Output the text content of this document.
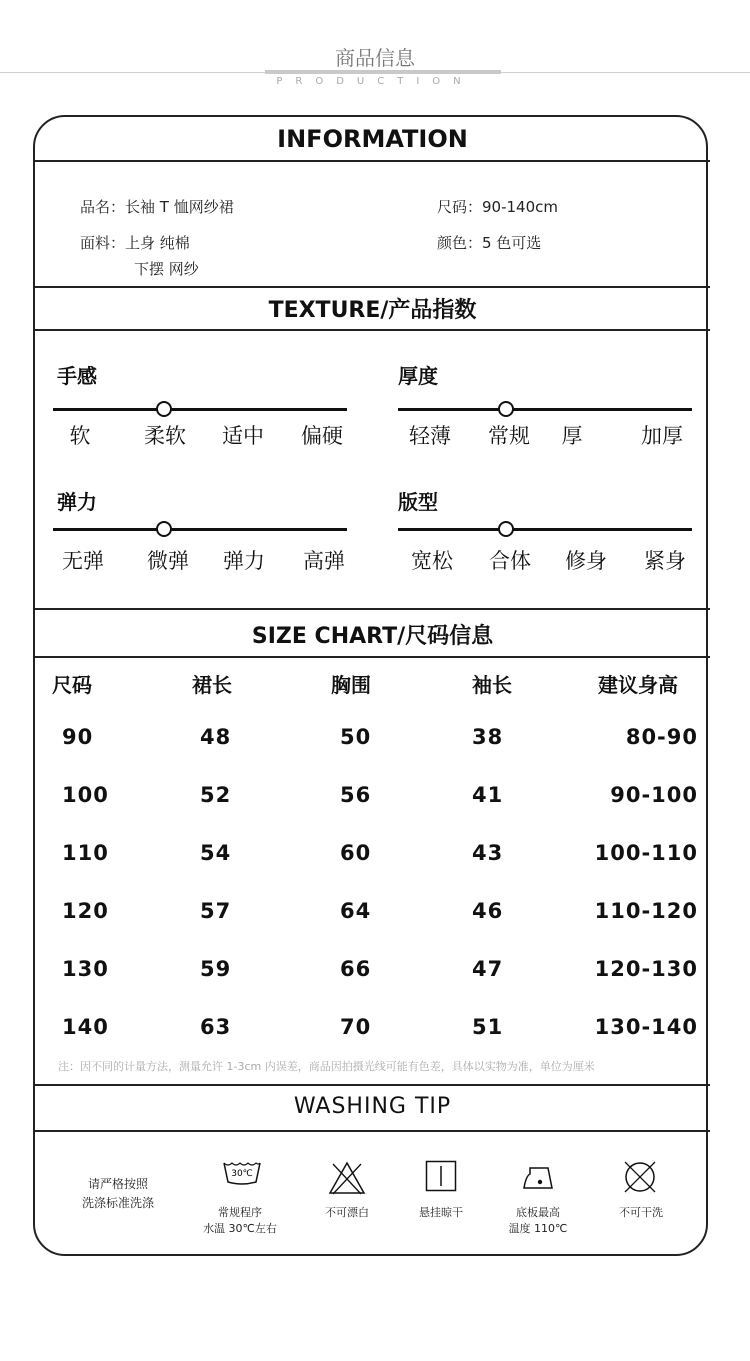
商品信息
PRODUCTION
INFORMATION
品名：长袖 T 恤网纱裙	尺码：90-140cm
面料：上身 纯棉	颜色：5 色可选
下摆 网纱
TEXTURE/产品指数
手感
软	柔软	适中	偏硬
厚度
轻薄	常规	厚	加厚
弹力
无弹	微弹	弹力	高弹
版型
宽松	合体	修身	紧身
SIZE CHART/尺码信息
尺码	裙长	胸围	袖长	建议身高
90	48	50	38	80-90
100	52	56	41	90-100
110	54	60	43	100-110
120	57	64	46	110-120
130	59	66	47	120-130
140	63	70	51	130-140
注：因不同的计量方法，测量允许 1-3cm 内误差，商品因拍摄光线可能有色差，具体以实物为准，单位为厘米
WASHING TIP
请严格按照
洗涤标准洗涤
30℃
常规程序
水温 30℃左右
不可漂白	悬挂晾干	底板最高
温度 110℃
不可干洗
